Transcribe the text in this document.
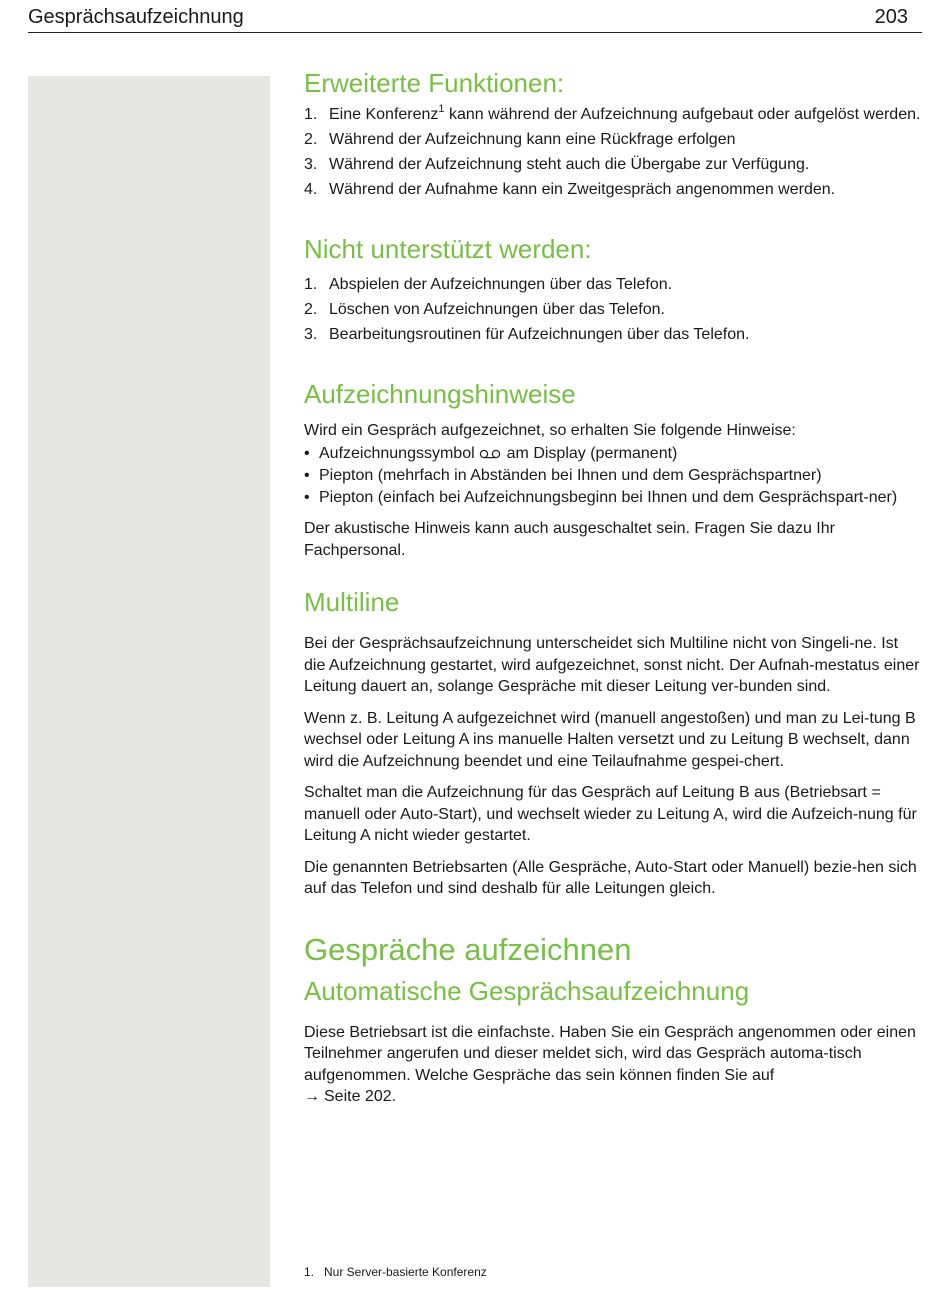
Gesprächsaufzeichnung	203
Erweiterte Funktionen:
1. Eine Konferenz$^1$ kann während der Aufzeichnung aufgebaut oder aufgelöst werden.
2. Während der Aufzeichnung kann eine Rückfrage erfolgen
3. Während der Aufzeichnung steht auch die Übergabe zur Verfügung.
4. Während der Aufnahme kann ein Zweitgespräch angenommen werden.
Nicht unterstützt werden:
1. Abspielen der Aufzeichnungen über das Telefon.
2. Löschen von Aufzeichnungen über das Telefon.
3. Bearbeitungsroutinen für Aufzeichnungen über das Telefon.
Aufzeichnungshinweise

Wird ein Gespräch aufgezeichnet, so erhalten Sie folgende Hinweise:

• Aufzeichnungssymbol am Display (permanent)
• Piepton (mehrfach in Abständen bei Ihnen und dem Gesprächspartner)
• Piepton (einfach bei Aufzeichnungsbeginn bei Ihnen und dem Gesprächspart-ner)

Der akustische Hinweis kann auch ausgeschaltet sein. Fragen Sie dazu Ihr Fachpersonal.

Multiline

Bei der Gesprächsaufzeichnung unterscheidet sich Multiline nicht von Singeli-ne. Ist die Aufzeichnung gestartet, wird aufgezeichnet, sonst nicht. Der Aufnah-mestatus einer Leitung dauert an, solange Gespräche mit dieser Leitung ver-bunden sind.

Wenn z. B. Leitung A aufgezeichnet wird (manuell angestoßen) und man zu Lei-tung B wechsel oder Leitung A ins manuelle Halten versetzt und zu Leitung B wechselt, dann wird die Aufzeichnung beendet und eine Teilaufnahme gespei-chert.

Schaltet man die Aufzeichnung für das Gespräch auf Leitung B aus (Betriebsart = manuell oder Auto-Start), und wechselt wieder zu Leitung A, wird die Aufzeich-nung für Leitung A nicht wieder gestartet.

Die genannten Betriebsarten (Alle Gespräche, Auto-Start oder Manuell) bezie-hen sich auf das Telefon und sind deshalb für alle Leitungen gleich.

Gespräche aufzeichnen
Automatische Gesprächsaufzeichnung

Diese Betriebsart ist die einfachste. Haben Sie ein Gespräch angenommen oder einen Teilnehmer angerufen und dieser meldet sich, wird das Gespräch automa-tisch aufgenommen. Welche Gespräche das sein können finden Sie auf
→ Seite 202.

1. Nur Server-basierte Konferenz
